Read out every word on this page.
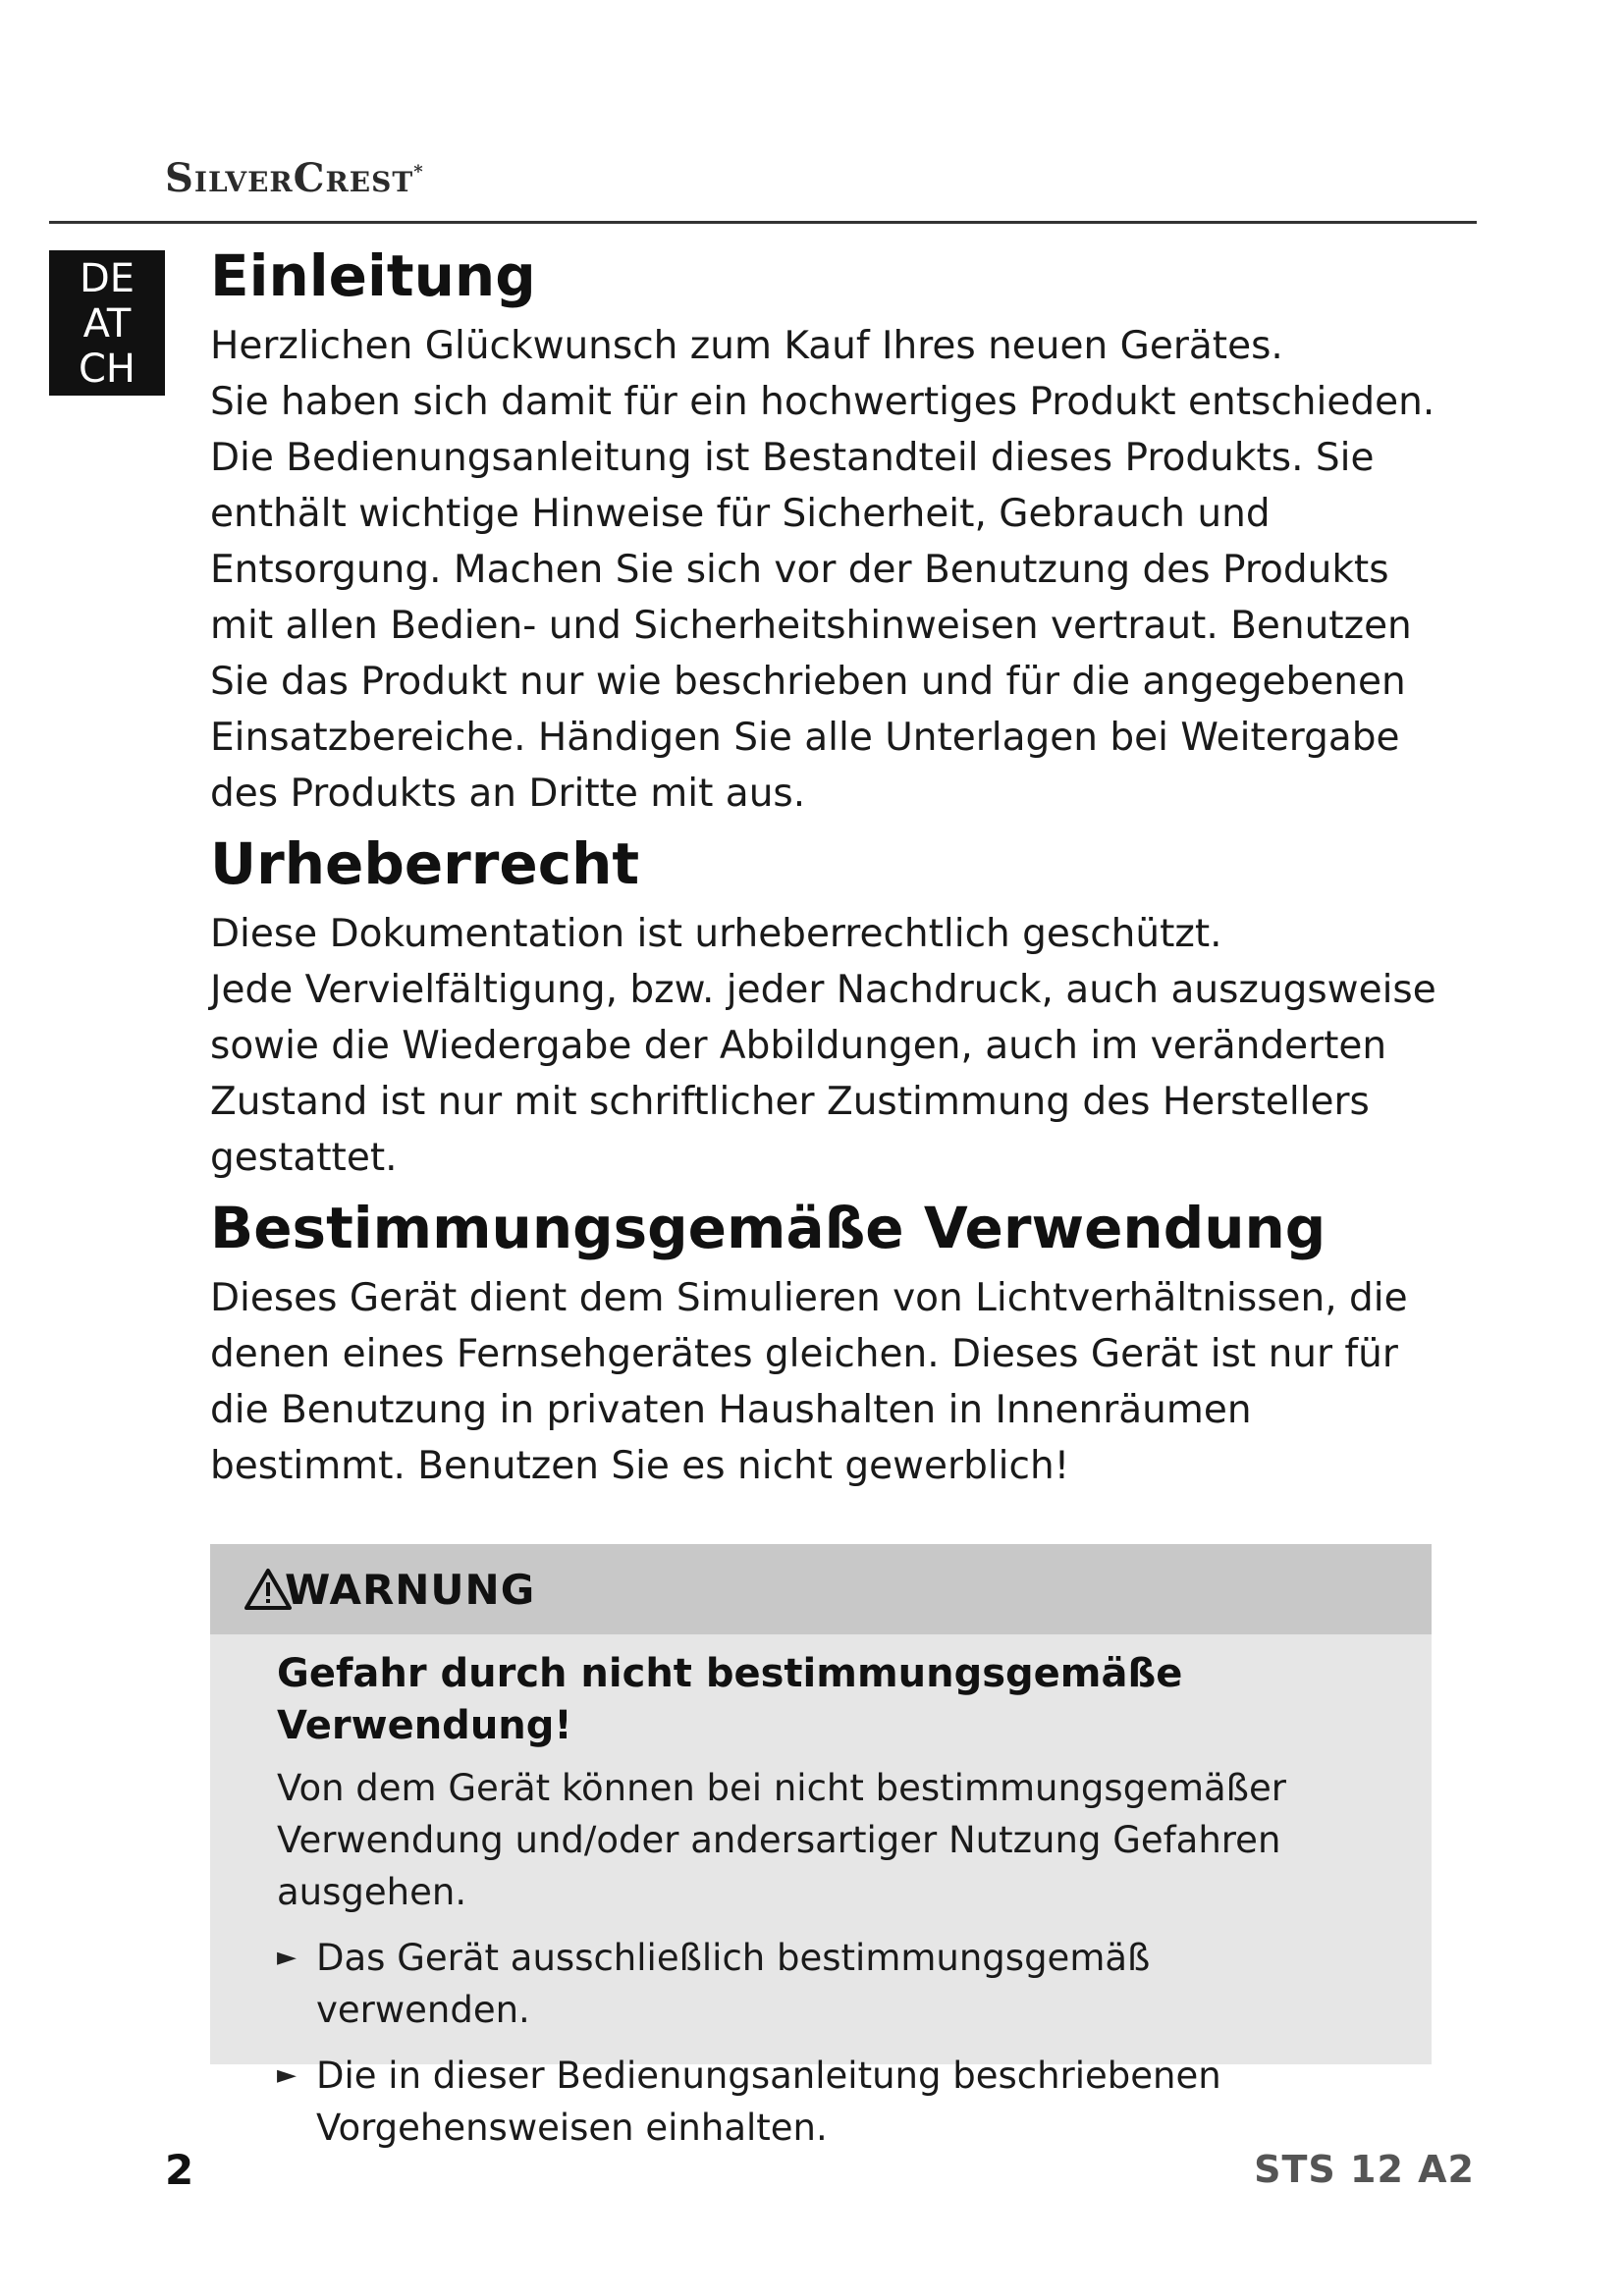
SilverCrest*
DE
AT
CH
Einleitung

Herzlichen Glückwunsch zum Kauf Ihres neuen Gerätes.

Sie haben sich damit für ein hochwertiges Produkt entschieden. Die Bedienungsanleitung ist Bestandteil dieses Produkts. Sie enthält wichtige Hinweise für Sicherheit, Gebrauch und Entsorgung. Machen Sie sich vor der Benutzung des Produkts mit allen Bedien- und Sicherheitshinweisen vertraut. Benutzen Sie das Produkt nur wie beschrieben und für die angegebenen Einsatzbereiche. Händigen Sie alle Unterlagen bei Weitergabe des Produkts an Dritte mit aus.

Urheberrecht

Diese Dokumentation ist urheberrechtlich geschützt.

Jede Vervielfältigung, bzw. jeder Nachdruck, auch auszugsweise sowie die Wiedergabe der Abbildungen, auch im veränderten Zustand ist nur mit schriftlicher Zustimmung des Herstellers gestattet.

Bestimmungsgemäße Verwendung

Dieses Gerät dient dem Simulieren von Lichtverhältnissen, die denen eines Fernsehgerätes gleichen. Dieses Gerät ist nur für die Benutzung in privaten Haushalten in Innenräumen bestimmt. Benutzen Sie es nicht gewerblich!

WARNUNG

Gefahr durch nicht bestimmungsgemäße Verwendung!

Von dem Gerät können bei nicht bestimmungsgemäßer Verwendung und/oder andersartiger Nutzung Gefahren ausgehen.

► Das Gerät ausschließlich bestimmungsgemäß verwenden.
► Die in dieser Bedienungsanleitung beschriebenen Vorgehensweisen einhalten.
2	STS 12 A2
